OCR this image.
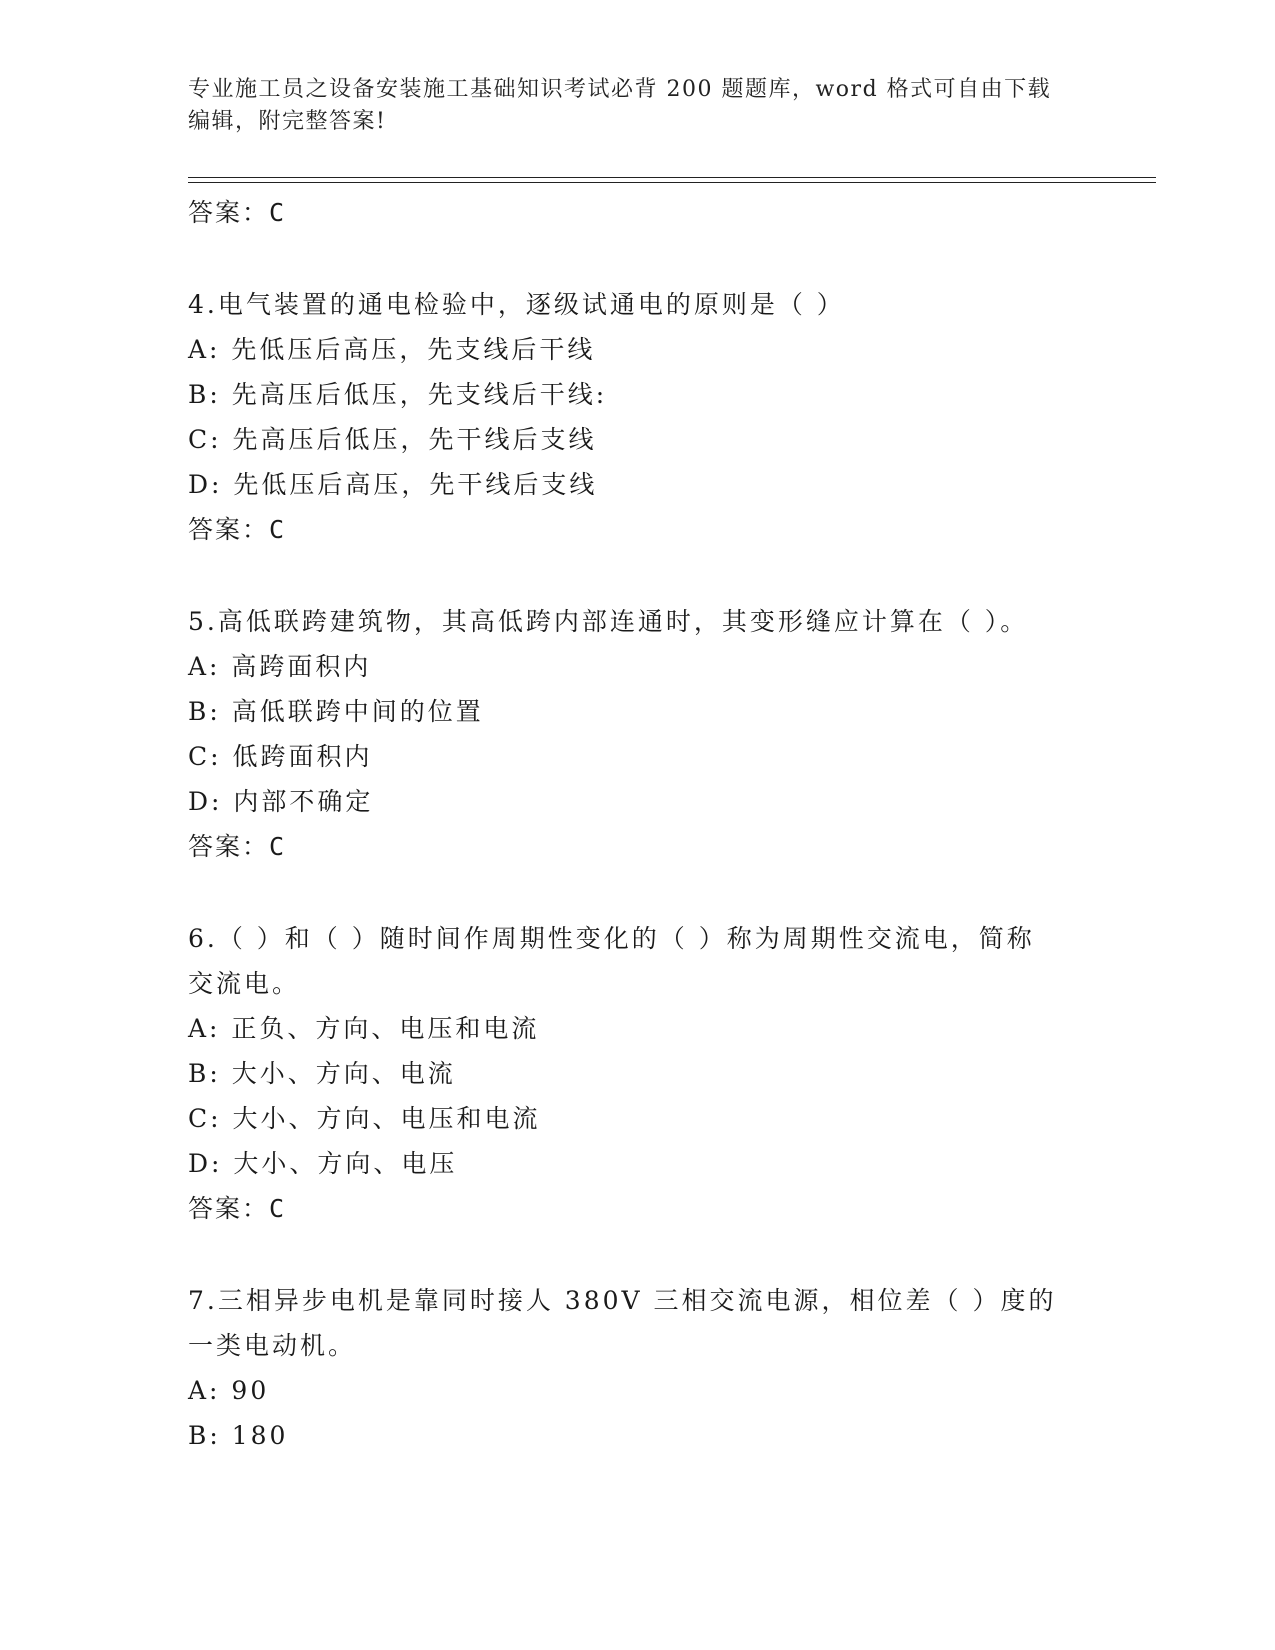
专业施工员之设备安装施工基础知识考试必背 200 题题库，word 格式可自由下载
编辑，附完整答案!
答案：C
4.电气装置的通电检验中，逐级试通电的原则是（ ）
A: 先低压后高压，先支线后干线
B: 先高压后低压，先支线后干线:
C: 先高压后低压，先干线后支线
D: 先低压后高压，先干线后支线
答案：C
5.高低联跨建筑物，其高低跨内部连通时，其变形缝应计算在（ ）。
A: 高跨面积内
B: 高低联跨中间的位置
C: 低跨面积内
D: 内部不确定
答案：C
6.（ ）和（ ）随时间作周期性变化的（ ）称为周期性交流电，简称
交流电。
A: 正负、方向、电压和电流
B: 大小、方向、电流
C: 大小、方向、电压和电流
D: 大小、方向、电压
答案：C
7.三相异步电机是靠同时接人 380V 三相交流电源，相位差（ ）度的
一类电动机。
A: 90
B: 180
